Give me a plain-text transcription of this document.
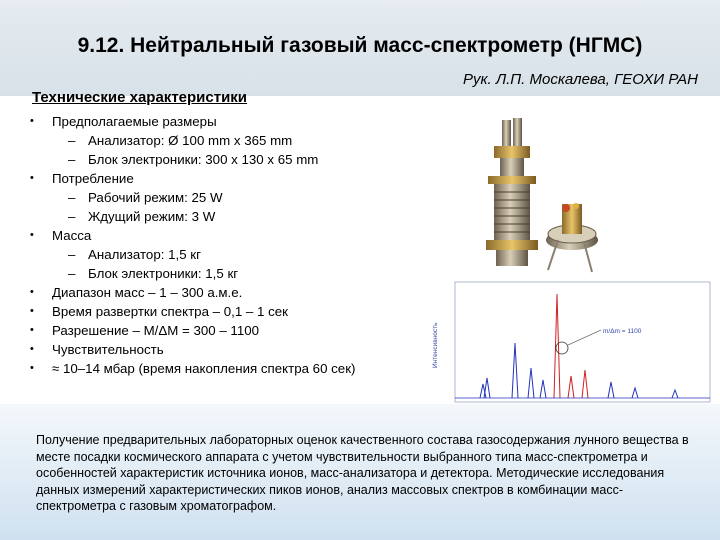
9.12. Нейтральный газовый масс-спектрометр (НГМС)
Рук. Л.П. Москалева, ГЕОХИ РАН
Технические характеристики
• Предполагаемые размеры
– Анализатор: Ø 100 mm x 365 mm
– Блок электроники: 300 x 130 x 65 mm
• Потребление
– Рабочий режим: 25 W
– Ждущий режим: 3 W
• Масса
– Анализатор: 1,5 кг
– Блок электроники: 1,5 кг
• Диапазон масс – 1 – 300 а.м.е.
• Время развертки спектра – 0,1 – 1 сек
• Разрешение – M/ΔM = 300 – 1100
• Чувствительность
• ≈ 10–14 мбар (время накопления спектра 60 сек)
Интенсивность	m/Δm = 1100
Получение предварительных лабораторных оценок качественного состава газосодержания лунного вещества в месте посадки космического аппарата с учетом чувствительности выбранного типа масс-спектрометра и особенностей характеристик источника ионов, масс-анализатора и детектора. Методические исследования данных измерений характеристических пиков ионов, анализ массовых спектров в комбинации масс-спектрометра с газовым хроматографом.
